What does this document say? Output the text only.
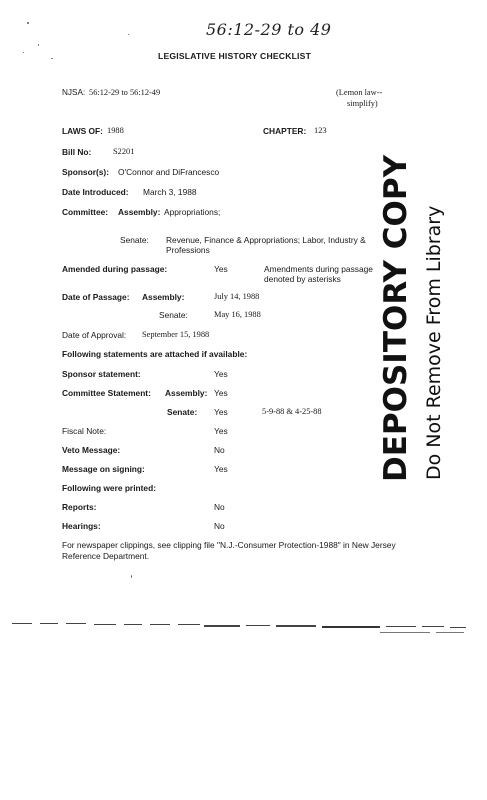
56:12-29 to 49
LEGISLATIVE HISTORY CHECKLIST
NJSA: 56:12-29 to 56:12-49	(Lemon law--
simplify)
LAWS OF: 1988	CHAPTER: 123
Bill No:	S2201
Sponsor(s): O'Connor and DiFrancesco
Date Introduced: March 3, 1988
Committee: Assembly: Appropriations;
Senate: Revenue, Finance & Appropriations; Labor, Industry & Professions
Amended during passage:	Yes	Amendments during passage denoted by asterisks
Date of Passage: Assembly:	July 14, 1988
Senate:	May 16, 1988
Date of Approval: September 15, 1988
Following statements are attached if available:
Sponsor statement:	Yes
Committee Statement: Assembly: Yes
Senate: Yes	5-9-88 & 4-25-88
Fiscal Note:	Yes
Veto Message:	No
Message on signing:	Yes
Following were printed:
Reports:	No
Hearings:	No
For newspaper clippings, see clipping file "N.J.-Consumer Protection-1988" in New Jersey Reference Department.
DEPOSITORY COPY Do Not Remove From Library
